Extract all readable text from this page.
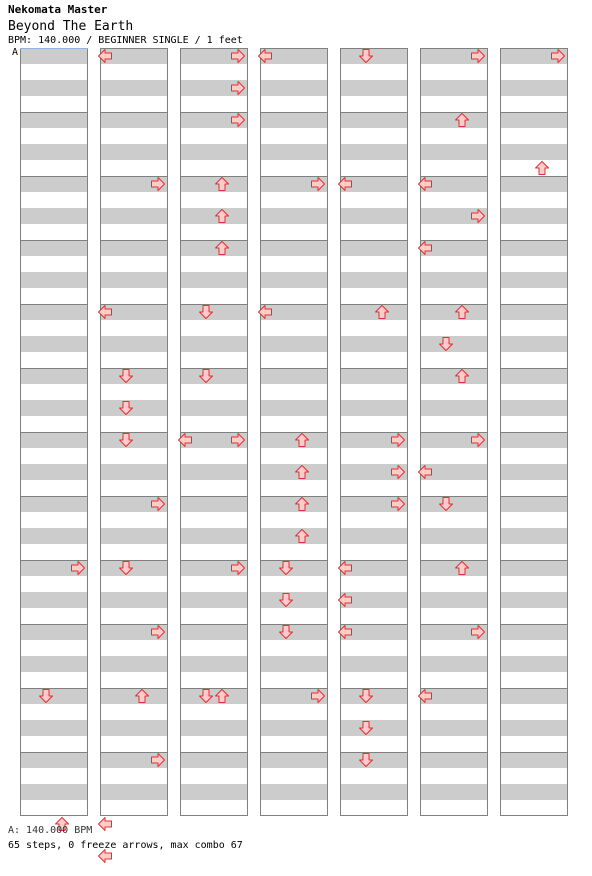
Nekomata Master
Beyond The Earth
BPM: 140.000 / BEGINNER SINGLE / 1 feet
A
A: 140.000 BPM
65 steps, 0 freeze arrows, max combo 67
